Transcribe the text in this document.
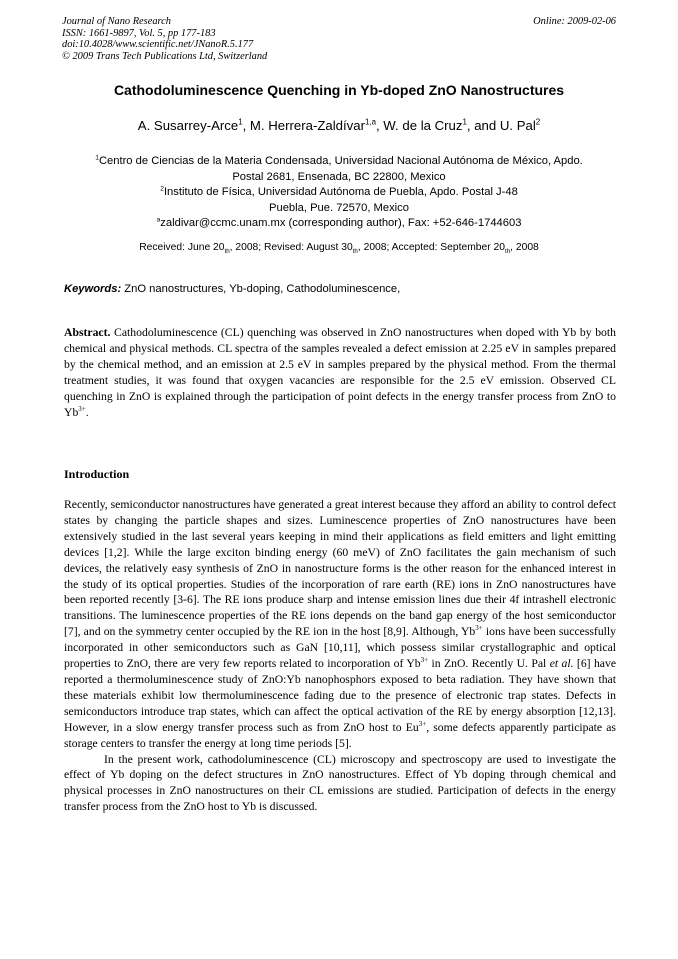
Journal of Nano Research
ISSN: 1661-9897, Vol. 5, pp 177-183
doi:10.4028/www.scientific.net/JNanoR.5.177
© 2009 Trans Tech Publications Ltd, Switzerland
Online: 2009-02-06
Cathodoluminescence Quenching in Yb-doped ZnO Nanostructures
A. Susarrey-Arce$^1$, M. Herrera-Zaldívar$^{1,a}$, W. de la Cruz$^1$, and U. Pal$^2$
$^1$Centro de Ciencias de la Materia Condensada, Universidad Nacional Autónoma de México, Apdo.
Postal 2681, Ensenada, BC 22800, Mexico
$^2$Instituto de Física, Universidad Autónoma de Puebla, Apdo. Postal J-48
Puebla, Pue. 72570, Mexico
$^a$zaldivar@ccmc.unam.mx (corresponding author), Fax: +52-646-1744603
Received: June $20_{th}$, 2008; Revised: August $30_{th}$, 2008; Accepted: September $20_{th}$, 2008
Keywords: ZnO nanostructures, Yb-doping, Cathodoluminescence,
Abstract. Cathodoluminescence (CL) quenching was observed in ZnO nanostructures when doped with Yb by both chemical and physical methods. CL spectra of the samples revealed a defect emission at 2.25 eV in samples prepared by the chemical method, and an emission at 2.5 eV in samples prepared by the physical method. From the thermal treatment studies, it was found that oxygen vacancies are responsible for the 2.5 eV emission. Observed CL quenching in ZnO is explained through the participation of point defects in the energy transfer process from ZnO to $Yb^{3+}$.
Introduction
Recently, semiconductor nanostructures have generated a great interest because they afford an ability to control defect states by changing the particle shapes and sizes. Luminescence properties of ZnO nanostructures have been extensively studied in the last several years keeping in mind their applications as field emitters and light emitting devices [1,2]. While the large exciton binding energy (60 meV) of ZnO facilitates the gain mechanism of such devices, the relatively easy synthesis of ZnO in nanostructure forms is the other reason for the enhanced interest in the study of its optical properties. Studies of the incorporation of rare earth (RE) ions in ZnO nanostructures have been reported recently [3-6]. The RE ions produce sharp and intense emission lines due their 4f intrashell electronic transitions. The luminescence properties of the RE ions depends on the band gap energy of the host semiconductor [7], and on the symmetry center occupied by the RE ion in the host [8,9]. Although, $Yb^{3+}$ ions have been successfully incorporated in other semiconductors such as GaN [10,11], which possess similar crystallographic and optical properties to ZnO, there are very few reports related to incorporation of $Yb^{3+}$ in ZnO. Recently U. Pal et al. [6] have reported a thermoluminescence study of ZnO:Yb nanophosphors exposed to beta radiation. They have shown that these materials exhibit low thermoluminescence fading due to the presence of electronic trap states. Defects in semiconductors introduce trap states, which can affect the optical activation of the RE by energy absorption [12,13]. However, in a slow energy transfer process such as from ZnO host to $Eu^{3+}$, some defects apparently participate as storage centers to transfer the energy at long time periods [5].
In the present work, cathodoluminescence (CL) microscopy and spectroscopy are used to investigate the effect of Yb doping on the defect structures in ZnO nanostructures. Effect of Yb doping through chemical and physical processes in ZnO nanostructures on their CL emissions are studied. Participation of defects in the energy transfer process from the ZnO host to Yb is discussed.
